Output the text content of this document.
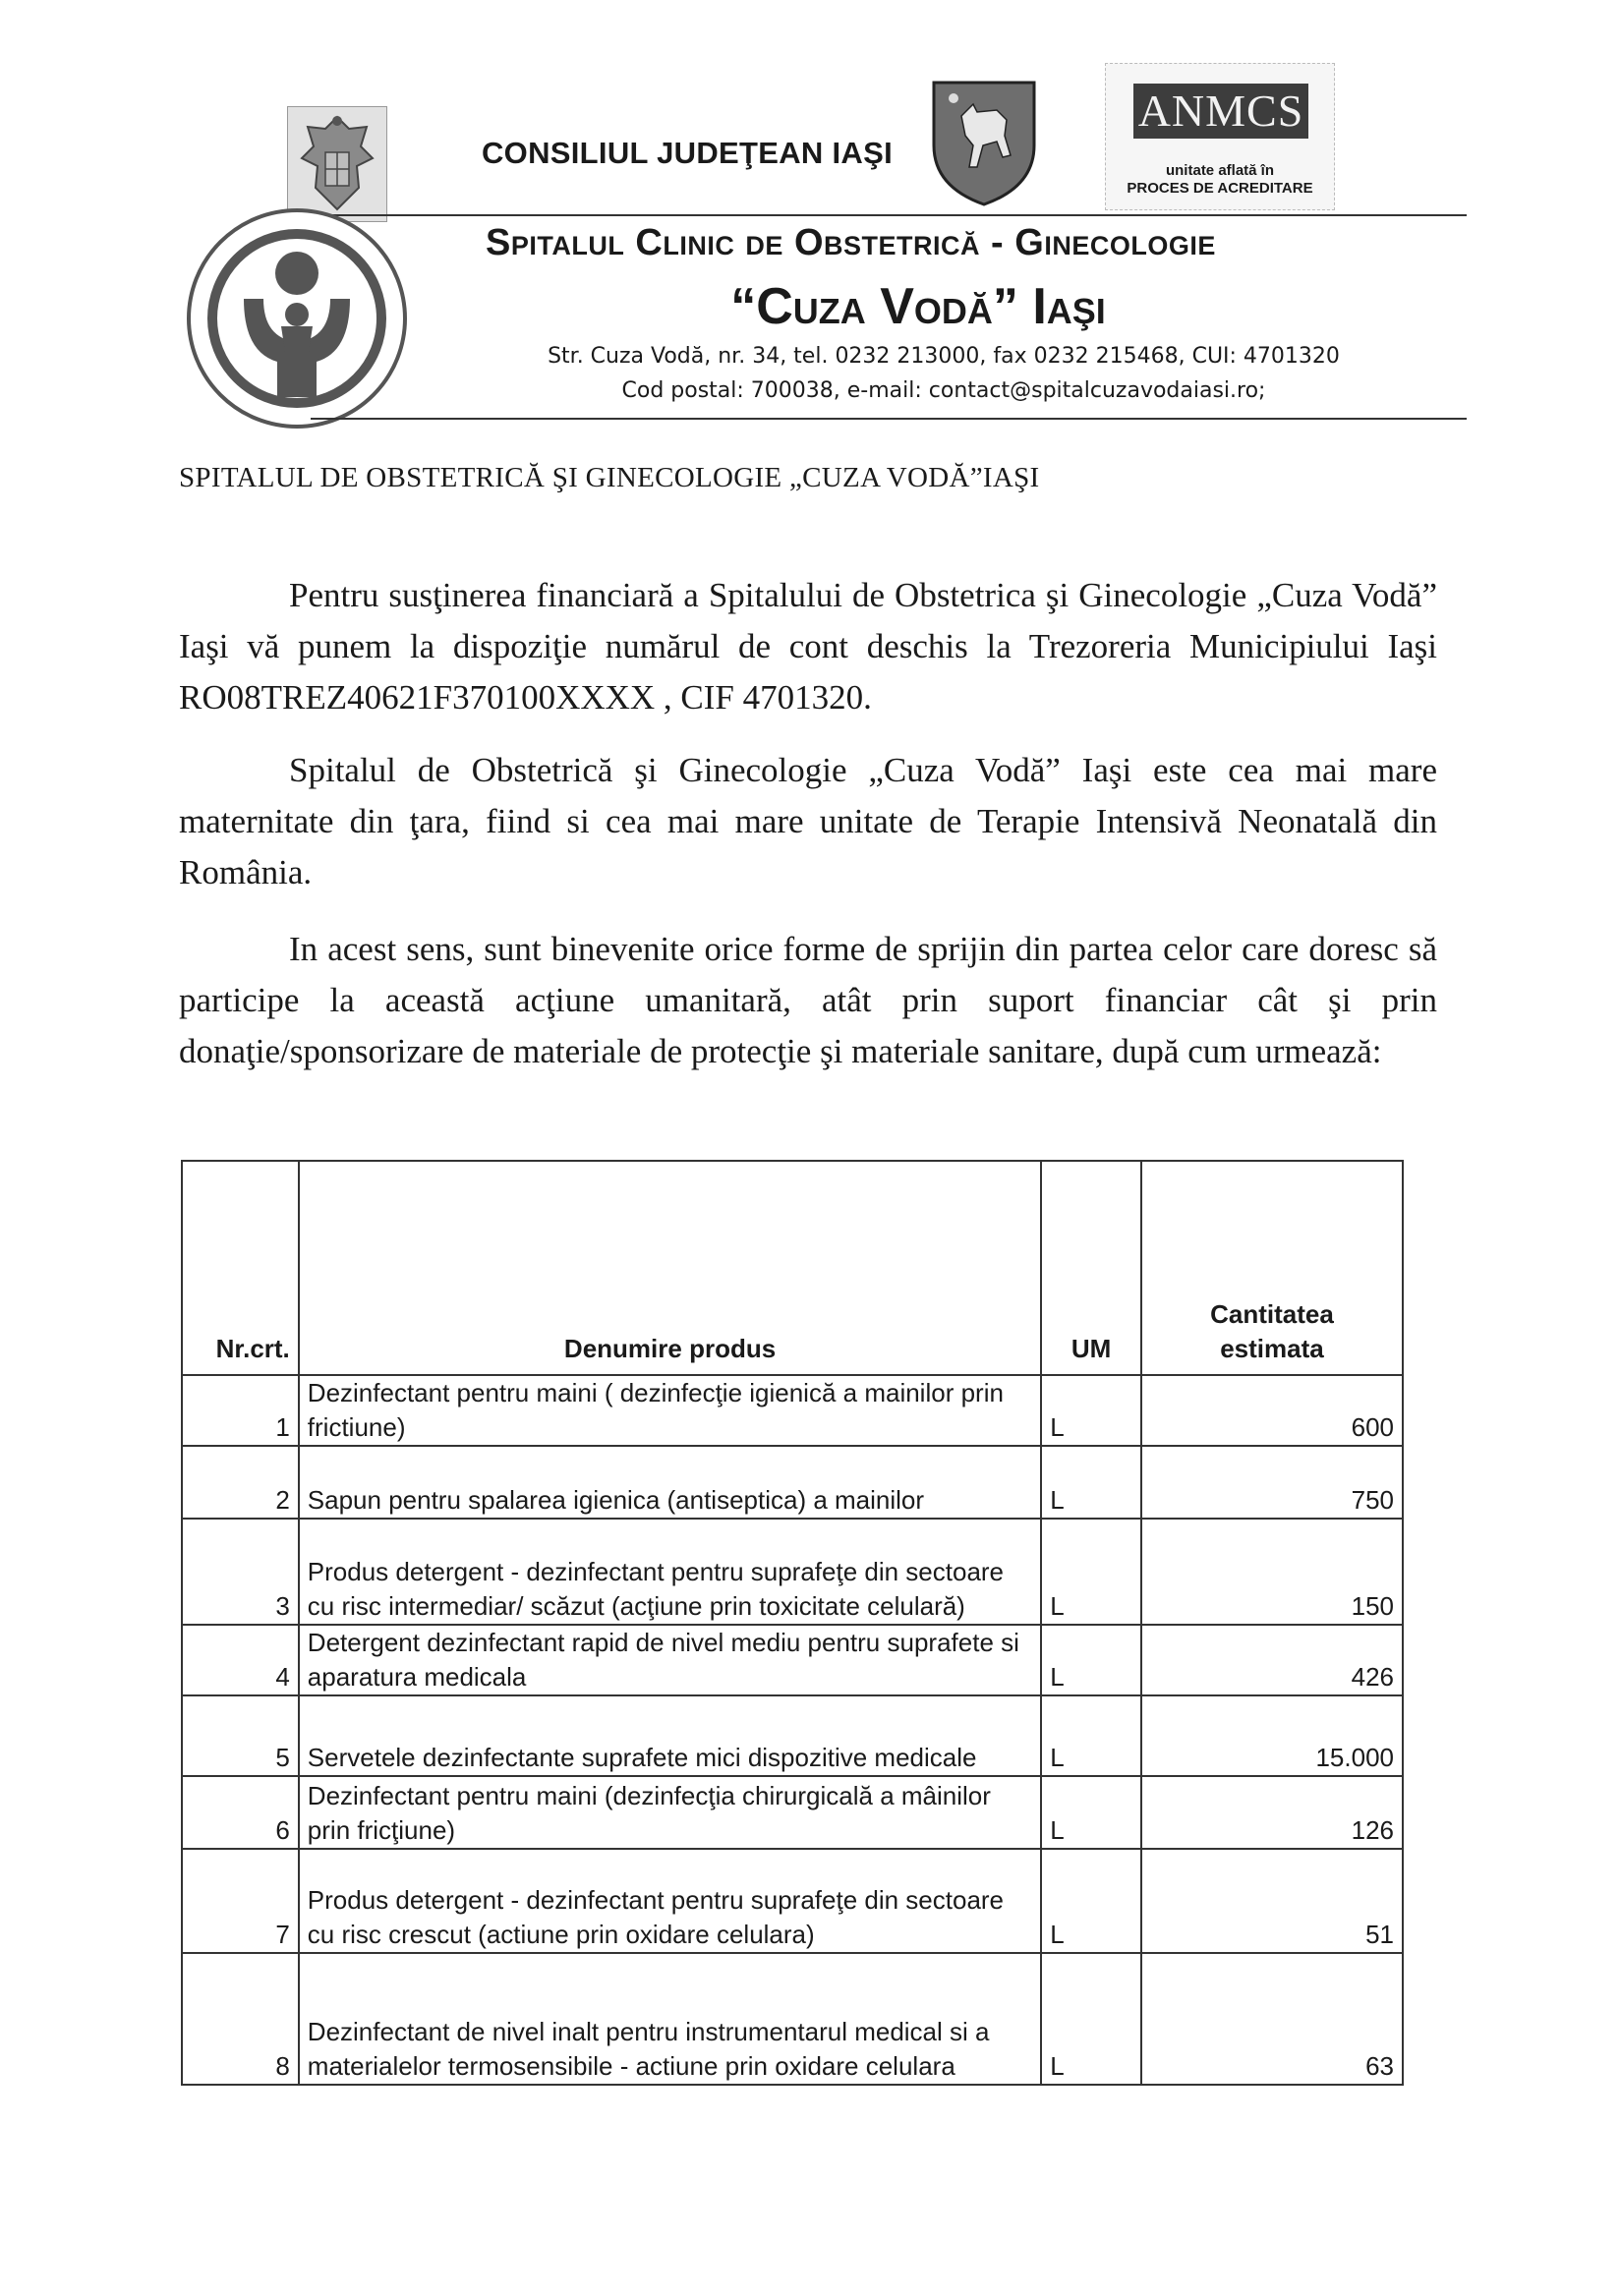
CONSILIUL JUDEŢEAN IAŞI
ANMCS
unitate aflată în
PROCES DE ACREDITARE
Spitalul Clinic de Obstetrică - Ginecologie
“Cuza Vodă” Iaşi
Str. Cuza Vodă, nr. 34, tel. 0232 213000, fax 0232 215468, CUI: 4701320
Cod postal: 700038, e-mail: contact@spitalcuzavodaiasi.ro;
SPITALUL DE OBSTETRICĂ ŞI GINECOLOGIE „CUZA VODĂ”IAŞI
Pentru susţinerea financiară a Spitalului de Obstetrica şi Ginecologie „Cuza Vodă” Iaşi vă punem la dispoziţie numărul de cont deschis la Trezoreria Municipiului Iaşi RO08TREZ40621F370100XXXX , CIF 4701320.
Spitalul de Obstetrică şi Ginecologie „Cuza Vodă” Iaşi este cea mai mare maternitate din ţara, fiind si cea mai mare unitate de Terapie Intensivă Neonatală din România.
In acest sens, sunt binevenite orice forme de sprijin din partea celor care doresc să participe la această acţiune umanitară, atât prin suport financiar cât şi prin donaţie/sponsorizare de materiale de protecţie şi materiale sanitare, după cum urmează:
Nr.crt.	Denumire produs	UM	Cantitatea
estimata
1	Dezinfectant pentru maini ( dezinfecţie igienică a mainilor prin frictiune)	L	600
2	Sapun pentru spalarea igienica (antiseptica) a mainilor	L	750
3	Produs detergent - dezinfectant pentru suprafeţe din sectoare cu risc intermediar/ scăzut (acţiune prin toxicitate celulară)	L	150
4	Detergent dezinfectant rapid de nivel mediu pentru suprafete si aparatura medicala	L	426
5	Servetele dezinfectante suprafete mici dispozitive medicale	L	15.000
6	Dezinfectant pentru maini (dezinfecţia chirurgicală a mâinilor prin fricţiune)	L	126
7	Produs detergent - dezinfectant pentru suprafeţe din sectoare cu risc crescut (actiune prin oxidare celulara)	L	51
8	Dezinfectant de nivel inalt pentru instrumentarul medical si a materialelor termosensibile - actiune prin oxidare celulara	L	63
